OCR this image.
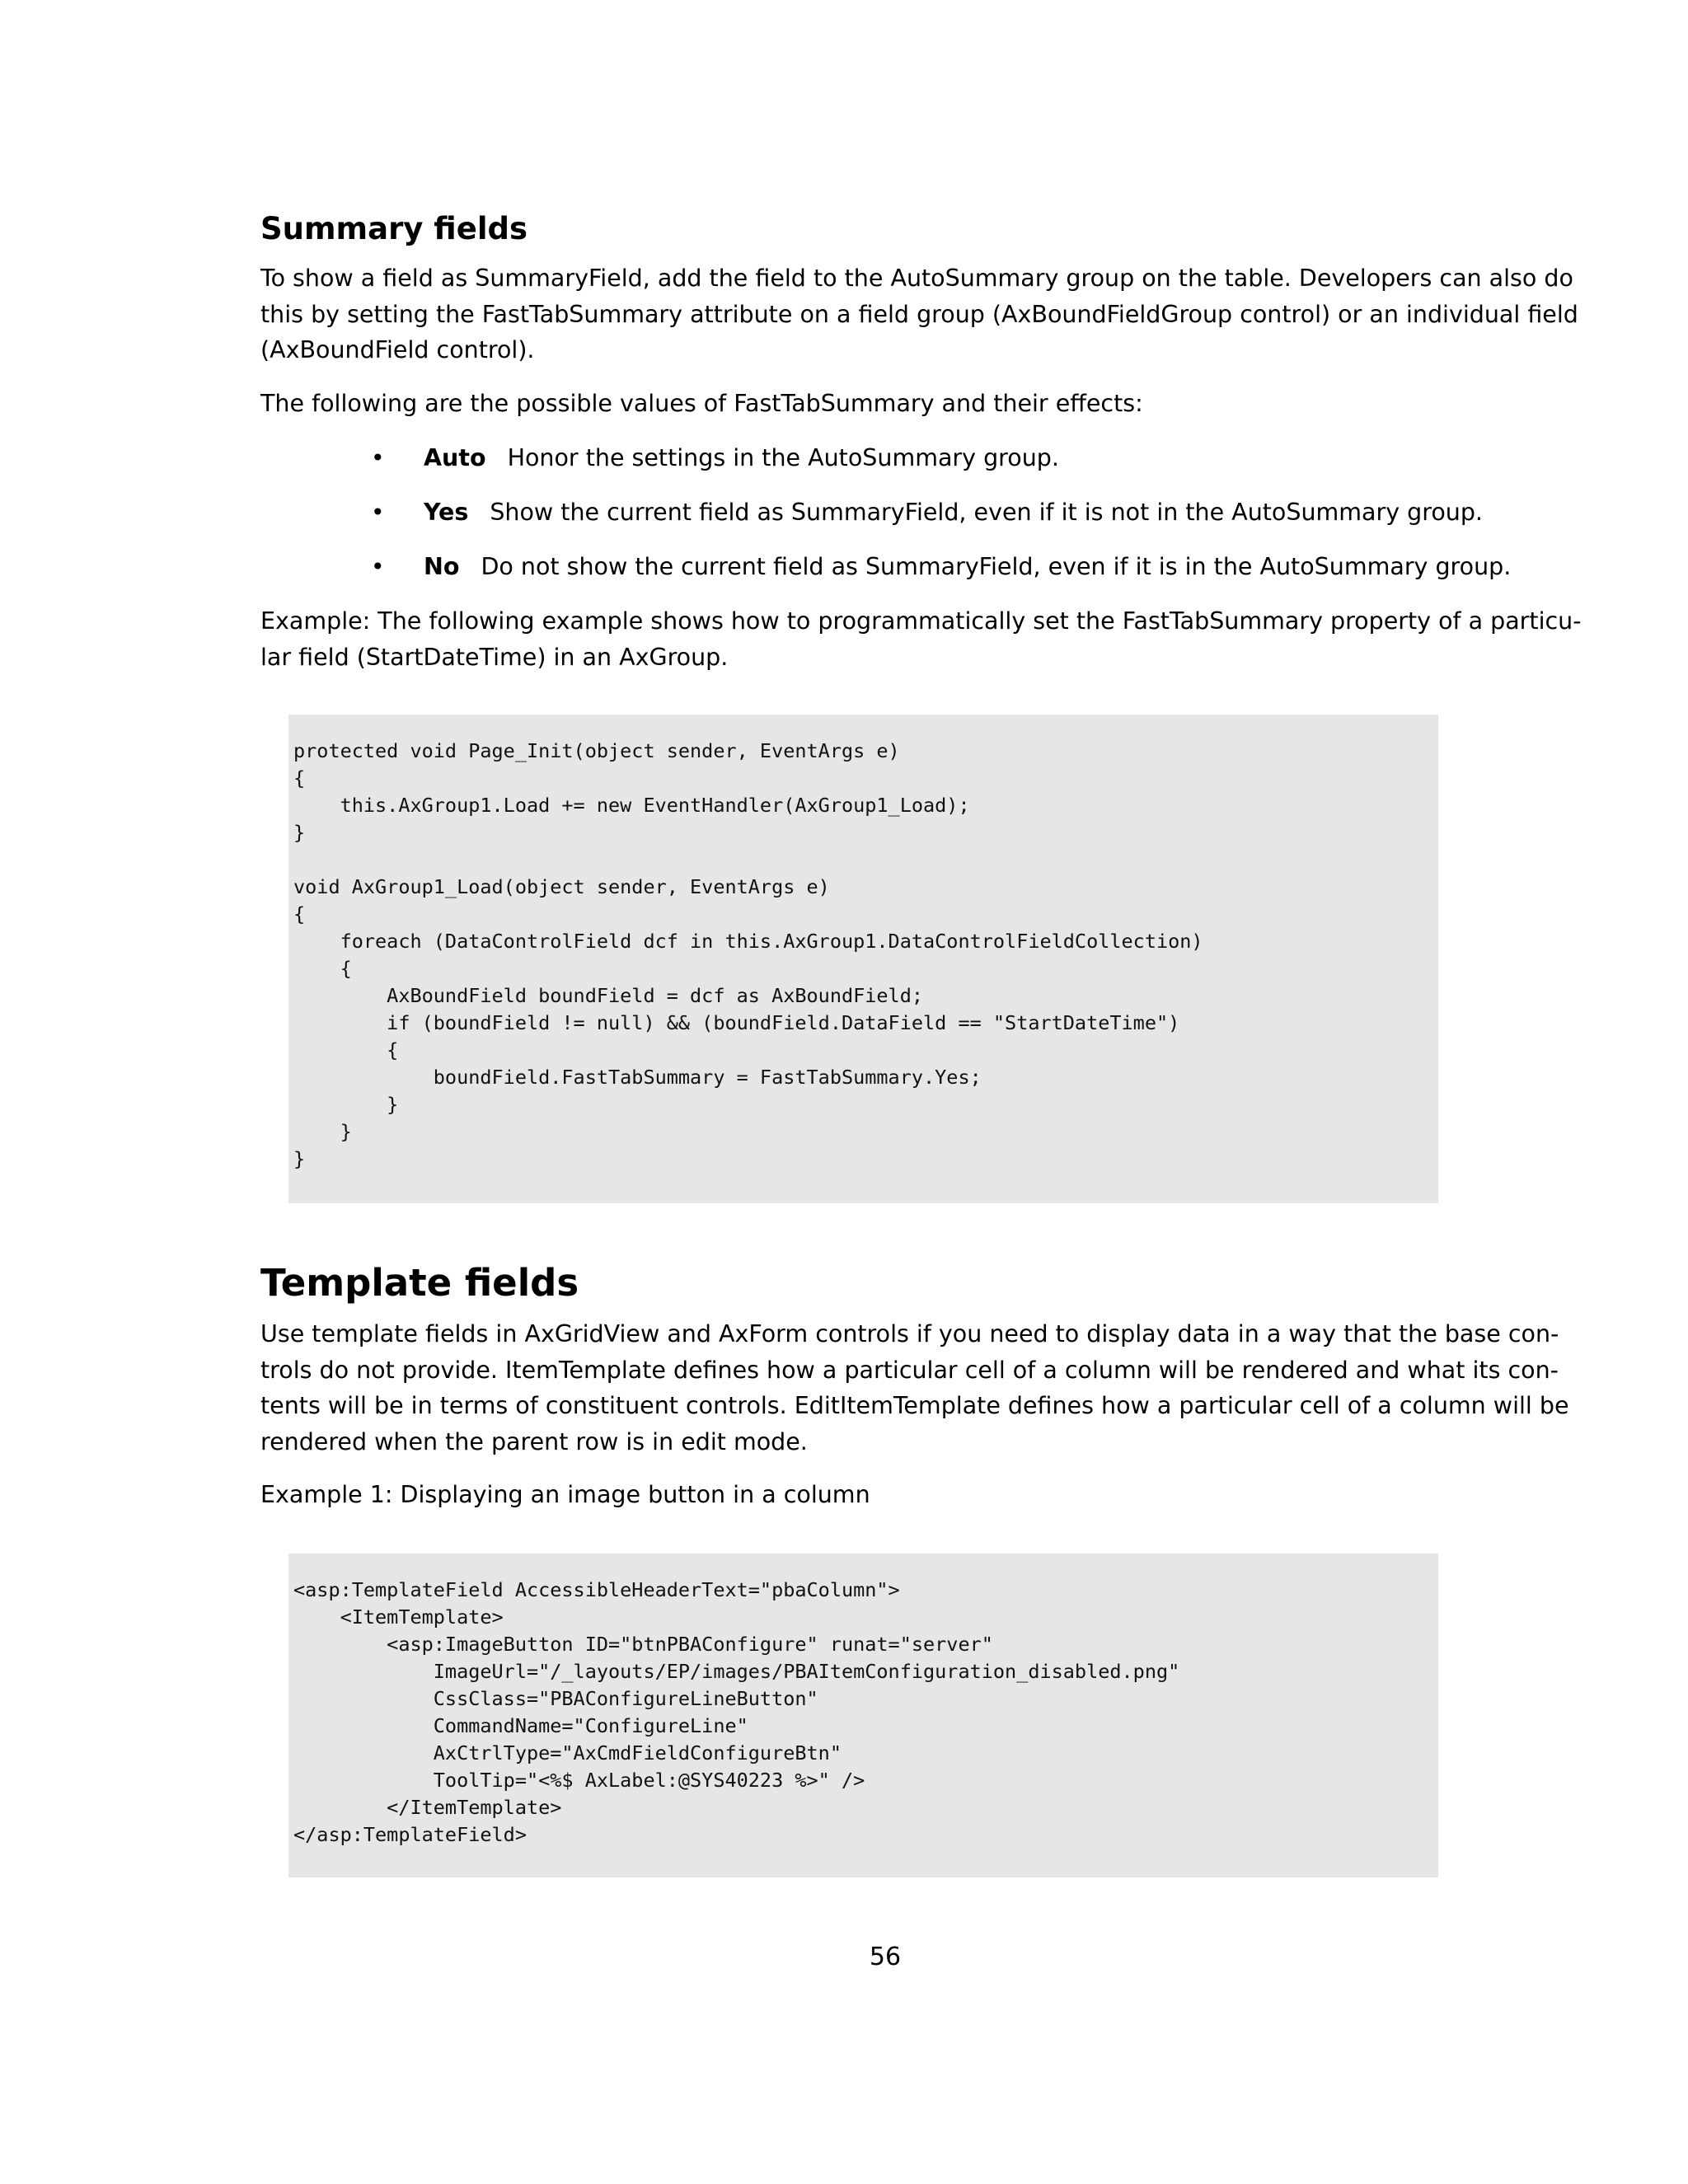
Summary fields

To show a field as SummaryField, add the field to the AutoSummary group on the table. Developers can also do
this by setting the FastTabSummary attribute on a field group (AxBoundFieldGroup control) or an individual field
(AxBoundField control).

The following are the possible values of FastTabSummary and their effects:

• Auto Honor the settings in the AutoSummary group.
• Yes Show the current field as SummaryField, even if it is not in the AutoSummary group.
• No Do not show the current field as SummaryField, even if it is in the AutoSummary group.

Example: The following example shows how to programmatically set the FastTabSummary property of a particu-
lar field (StartDateTime) in an AxGroup.

protected void Page_Init(object sender, EventArgs e)
{
this.AxGroup1.Load += new EventHandler(AxGroup1_Load);
}

void AxGroup1_Load(object sender, EventArgs e)
{
foreach (DataControlField dcf in this.AxGroup1.DataControlFieldCollection)
{
AxBoundField boundField = dcf as AxBoundField;
if (boundField != null) && (boundField.DataField == "StartDateTime")
{
boundField.FastTabSummary = FastTabSummary.Yes;
}
}
}
Template fields

Use template fields in AxGridView and AxForm controls if you need to display data in a way that the base con-
trols do not provide. ItemTemplate defines how a particular cell of a column will be rendered and what its con-
tents will be in terms of constituent controls. EditItemTemplate defines how a particular cell of a column will be
rendered when the parent row is in edit mode.

Example 1: Displaying an image button in a column

<asp:TemplateField AccessibleHeaderText="pbaColumn">
<ItemTemplate>
<asp:ImageButton ID="btnPBAConfigure" runat="server"
ImageUrl="/_layouts/EP/images/PBAItemConfiguration_disabled.png"
CssClass="PBAConfigureLineButton"
CommandName="ConfigureLine"
AxCtrlType="AxCmdFieldConfigureBtn"
ToolTip="<%$ AxLabel:@SYS40223 %>" />
</ItemTemplate>
</asp:TemplateField>
56
